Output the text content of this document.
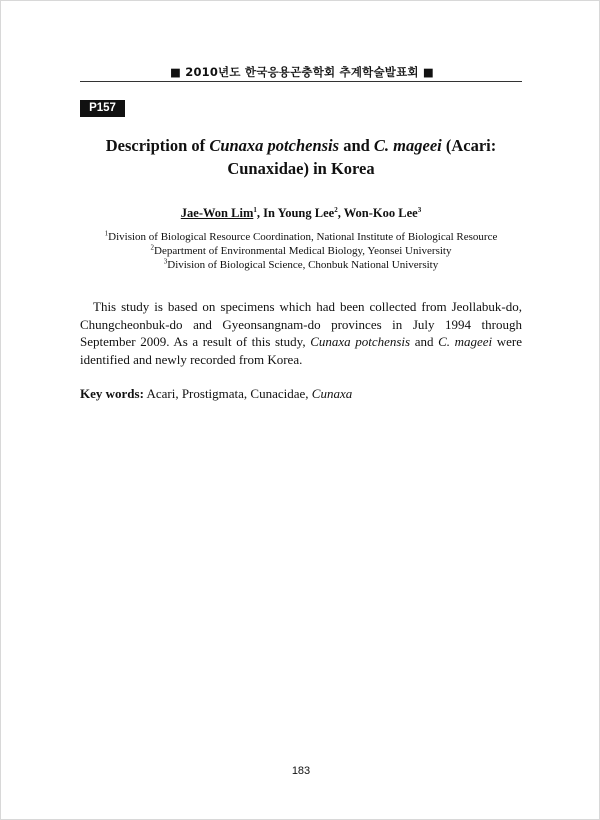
■ 2010년도 한국응용곤충학회 추계학술발표회 ■
P157
Description of Cunaxa potchensis and C. mageei (Acari: Cunaxidae) in Korea
Jae-Won Lim$^1$, In Young Lee$^2$, Won-Koo Lee$^3$
$^1$Division of Biological Resource Coordination, National Institute of Biological Resource
$^2$Department of Environmental Medical Biology, Yeonsei University
$^3$Division of Biological Science, Chonbuk National University

This study is based on specimens which had been collected from Jeollabuk-do, Chungcheonbuk-do and Gyeonsangnam-do provinces in July 1994 through September 2009. As a result of this study, Cunaxa potchensis and C. mageei were identified and newly recorded from Korea.

Key words: Acari, Prostigmata, Cunacidae, Cunaxa

183
